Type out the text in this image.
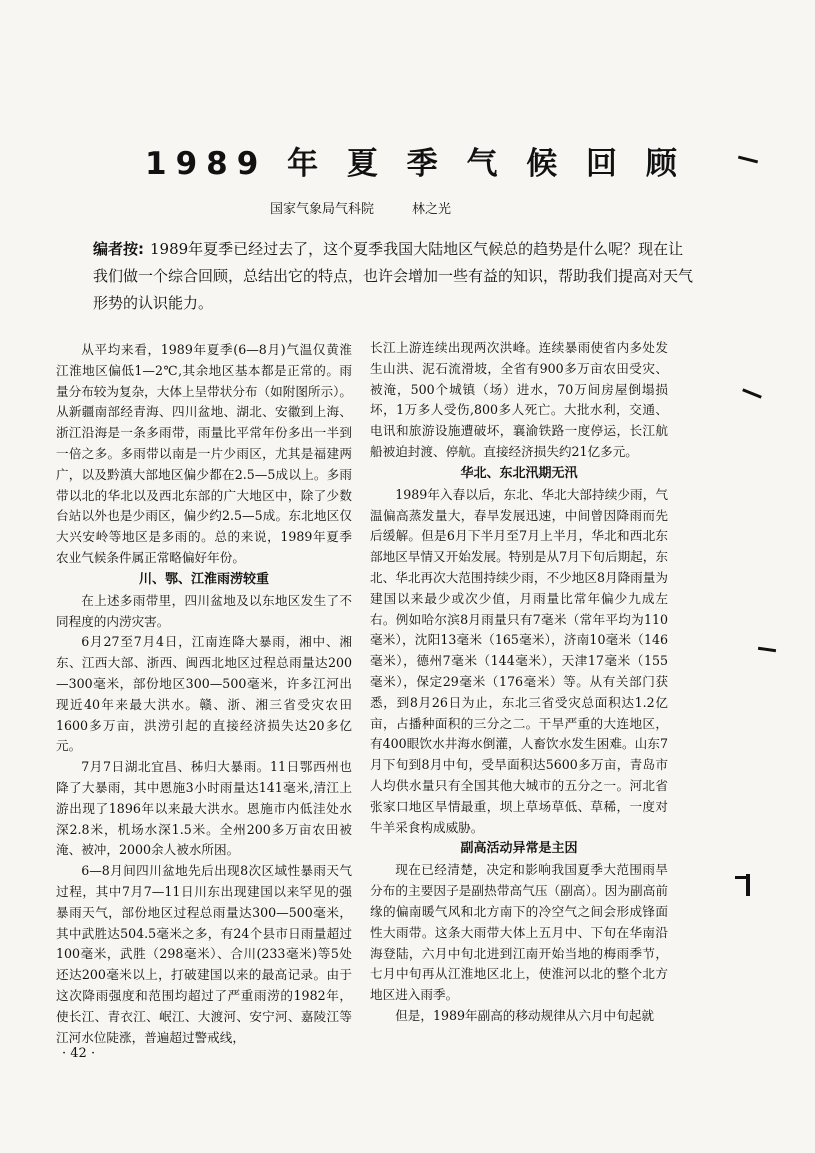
1989 年 夏 季 气 候 回 顾
国家气象局气科院	林之光

编者按: 1989年夏季已经过去了，这个夏季我国大陆地区气候总的趋势是什么呢？现在让我们做一个综合回顾，总结出它的特点，也许会增加一些有益的知识，帮助我们提高对天气形势的认识能力。

从平均来看，1989年夏季(6—8月)气温仅黄淮江淮地区偏低1—2℃,其余地区基本都是正常的。雨量分布较为复杂，大体上呈带状分布（如附图所示）。从新疆南部经青海、四川盆地、湖北、安徽到上海、浙江沿海是一条多雨带，雨量比平常年份多出一半到一倍之多。多雨带以南是一片少雨区，尤其是福建两广，以及黔滇大部地区偏少都在2.5—5成以上。多雨带以北的华北以及西北东部的广大地区中，除了少数台站以外也是少雨区，偏少约2.5—5成。东北地区仅大兴安岭等地区是多雨的。总的来说，1989年夏季农业气候条件属正常略偏好年份。

川、鄂、江淮雨涝较重

在上述多雨带里，四川盆地及以东地区发生了不同程度的内涝灾害。

6月27至7月4日，江南连降大暴雨，湘中、湘东、江西大部、浙西、闽西北地区过程总雨量达200—300毫米，部份地区300—500毫米，许多江河出现近40年来最大洪水。赣、浙、湘三省受灾农田1600多万亩，洪涝引起的直接经济损失达20多亿元。

7月7日湖北宜昌、秭归大暴雨。11日鄂西州也降了大暴雨，其中恩施3小时雨量达141毫米,清江上游出现了1896年以来最大洪水。恩施市内低洼处水深2.8米，机场水深1.5米。全州200多万亩农田被淹、被冲，2000余人被水所困。

6—8月间四川盆地先后出现8次区域性暴雨天气过程，其中7月7—11日川东出现建国以来罕见的强暴雨天气，部份地区过程总雨量达300—500毫米，其中武胜达504.5毫米之多，有24个县市日雨量超过100毫米，武胜（298毫米）、合川(233毫米)等5处还达200毫米以上，打破建国以来的最高记录。由于这次降雨强度和范围均超过了严重雨涝的1982年，使长江、青衣江、岷江、大渡河、安宁河、嘉陵江等江河水位陡涨，普遍超过警戒线，

长江上游连续出现两次洪峰。连续暴雨使省内多处发生山洪、泥石流滑坡，全省有900多万亩农田受灾、被淹，500个城镇（场）进水，70万间房屋倒塌损坏，1万多人受伤,800多人死亡。大批水利，交通、电讯和旅游设施遭破坏，襄渝铁路一度停运，长江航船被迫封渡、停航。直接经济损失约21亿多元。

华北、东北汛期无汛

1989年入春以后，东北、华北大部持续少雨，气温偏高蒸发量大，春旱发展迅速，中间曾因降雨而先后缓解。但是6月下半月至7月上半月，华北和西北东部地区旱情又开始发展。特别是从7月下旬后期起，东北、华北再次大范围持续少雨，不少地区8月降雨量为建国以来最少或次少值，月雨量比常年偏少九成左右。例如哈尔滨8月雨量只有7毫米（常年平均为110毫米），沈阳13毫米（165毫米），济南10毫米（146毫米），德州7毫米（144毫米），天津17毫米（155毫米），保定29毫米（176毫米）等。从有关部门获悉，到8月26日为止，东北三省受灾总面积达1.2亿亩，占播种面积的三分之二。干旱严重的大连地区，有400眼饮水井海水倒灌，人畜饮水发生困难。山东7月下旬到8月中旬，受旱面积达5600多万亩，青岛市人均供水量只有全国其他大城市的五分之一。河北省张家口地区旱情最重，坝上草场草低、草稀，一度对牛羊采食构成威胁。

副高活动异常是主因

现在已经清楚，决定和影响我国夏季大范围雨旱分布的主要因子是副热带高气压（副高）。因为副高前缘的偏南暖气风和北方南下的冷空气之间会形成锋面性大雨带。这条大雨带大体上五月中、下旬在华南沿海登陆，六月中旬北进到江南开始当地的梅雨季节，七月中旬再从江淮地区北上，使淮河以北的整个北方地区进入雨季。

但是，1989年副高的移动规律从六月中旬起就

· 42 ·
